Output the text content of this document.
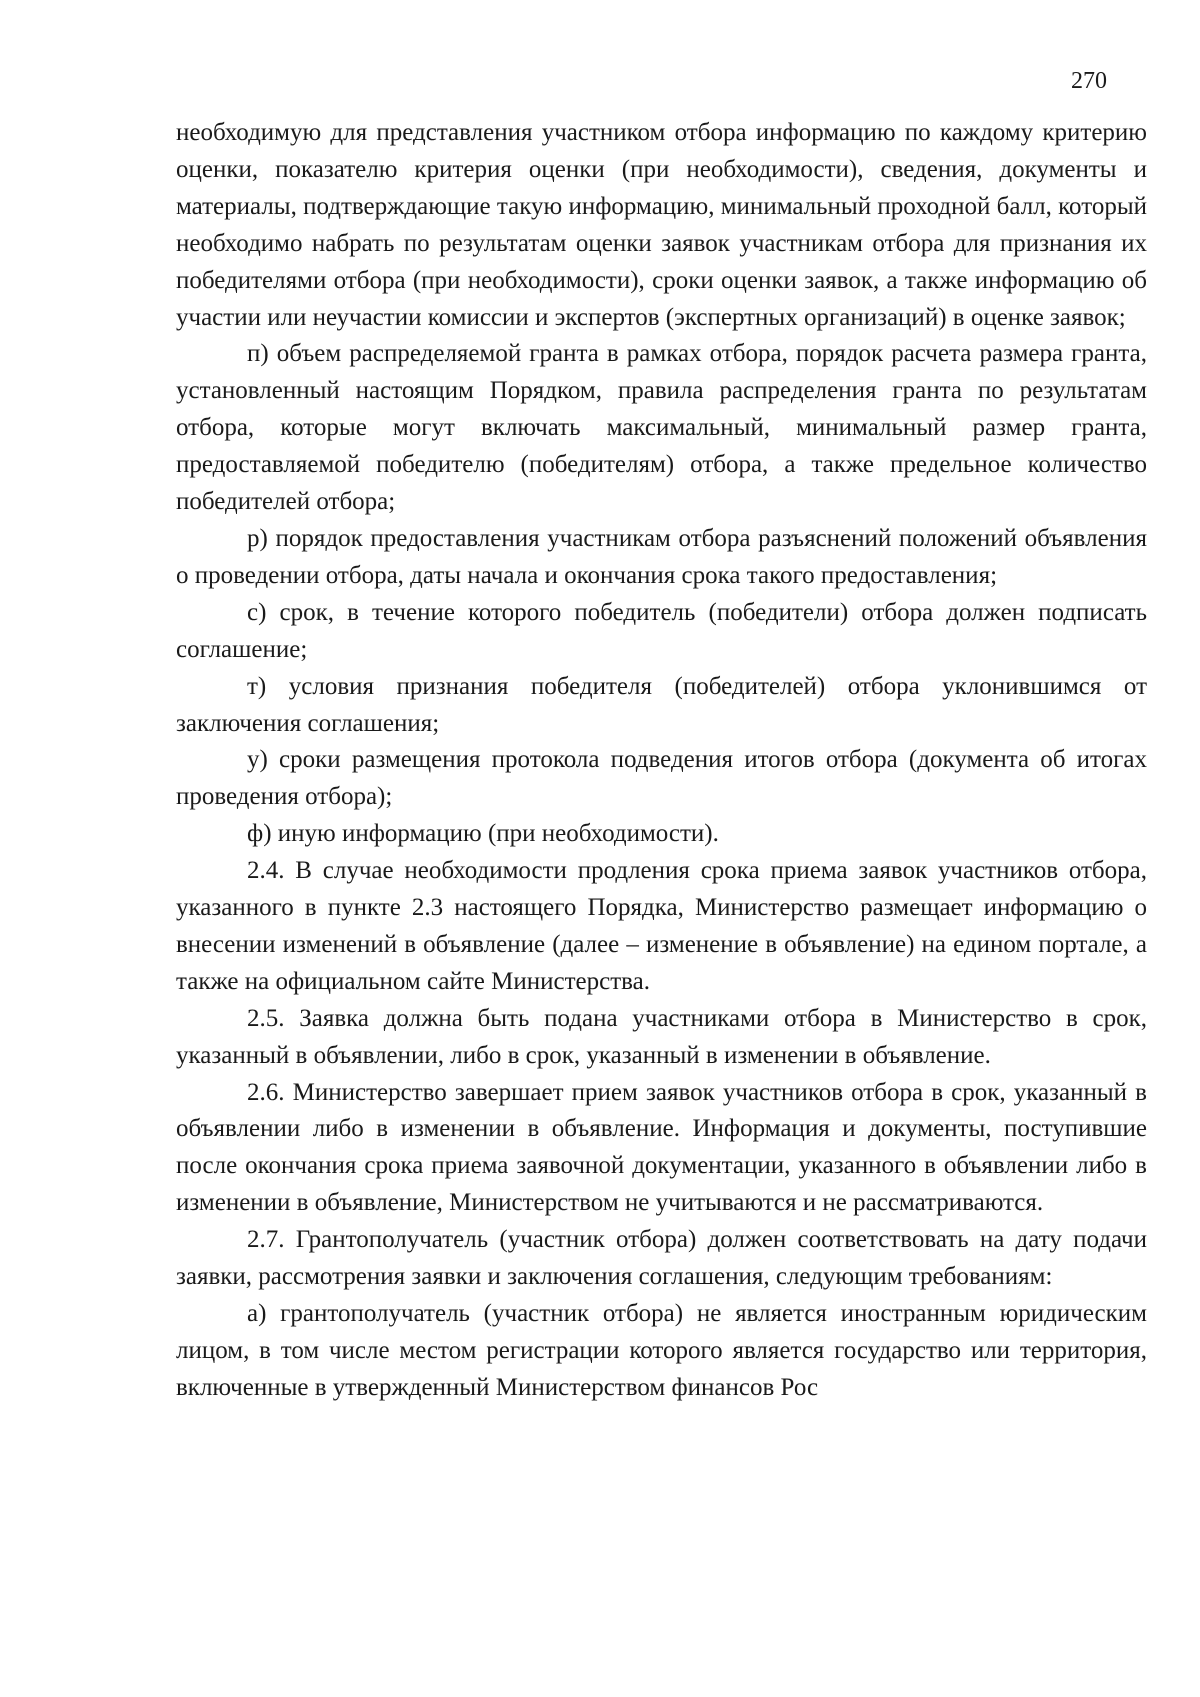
270

необходимую для представления участником отбора информацию по каждому критерию оценки, показателю критерия оценки (при необходимости), сведения, документы и материалы, подтверждающие такую информацию, минимальный проходной балл, который необходимо набрать по результатам оценки заявок участникам отбора для признания их победителями отбора (при необходимости), сроки оценки заявок, а также информацию об участии или неучастии комиссии и экспертов (экспертных организаций) в оценке заявок;

п) объем распределяемой гранта в рамках отбора, порядок расчета размера гранта, установленный настоящим Порядком, правила распределения гранта по результатам отбора, которые могут включать максимальный, минимальный размер гранта, предоставляемой победителю (победителям) отбора, а также предельное количество победителей отбора;

р) порядок предоставления участникам отбора разъяснений положений объявления о проведении отбора, даты начала и окончания срока такого предоставления;

с) срок, в течение которого победитель (победители) отбора должен подписать соглашение;

т) условия признания победителя (победителей) отбора уклонившимся от заключения соглашения;

у) сроки размещения протокола подведения итогов отбора (документа об итогах проведения отбора);

ф) иную информацию (при необходимости).

2.4. В случае необходимости продления срока приема заявок участников отбора, указанного в пункте 2.3 настоящего Порядка, Министерство размещает информацию о внесении изменений в объявление (далее – изменение в объявление) на едином портале, а также на официальном сайте Министерства.

2.5. Заявка должна быть подана участниками отбора в Министерство в срок, указанный в объявлении, либо в срок, указанный в изменении в объявление.

2.6. Министерство завершает прием заявок участников отбора в срок, указанный в объявлении либо в изменении в объявление. Информация и документы, поступившие после окончания срока приема заявочной документации, указанного в объявлении либо в изменении в объявление, Министерством не учитываются и не рассматриваются.

2.7. Грантополучатель (участник отбора) должен соответствовать на дату подачи заявки, рассмотрения заявки и заключения соглашения, следующим требованиям:

а) грантополучатель (участник отбора) не является иностранным юридическим лицом, в том числе местом регистрации которого является государство или территория, включенные в утвержденный Министерством финансов Рос
